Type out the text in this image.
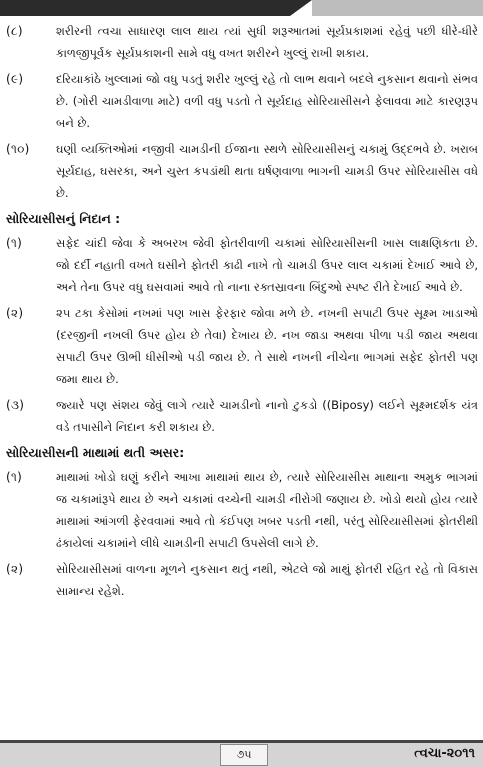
(૮)	શરીરની ત્વચા સાધારણ લાલ થાય ત્યાં સુધી શરૂઆતમાં સૂર્યપ્રકાશમાં રહેવું પછી ધીરે-ધીરે કાળજીપૂર્વક સૂર્યપ્રકાશની સામે વધુ વખત શરીરને ખુલ્લું રાખી શકાય.
(૯)	દરિયાકાંઠે ખુલ્લામાં જો વધુ પડતું શરીર ખુલ્લું રહે તો લાભ થવાને બદલે નુકસાન થવાનો સંભવ છે. (ગોરી ચામડીવાળા માટે) વળી વધુ પડતો તે સૂર્યદાહ સોરિયાસીસને ફેલાવવા માટે કારણરૂપ બને છે.
(૧૦)	ઘણી વ્યક્તિઓમાં નજીવી ચામડીની ઈજાના સ્થળે સોરિયાસીસનું ચકામું ઉદ્દભવે છે. ખરાબ સૂર્યદાહ, ઘસરકા, અને ચુસ્ત કપડાંથી થતા ઘર્ષણવાળા ભાગની ચામડી ઉપર સોરિયાસીસ વધે છે.
સોરિયાસીસનું નિદાન :
(૧)	સફેદ ચાંદી જેવા કે અબરખ જેવી ફોતરીવાળી ચકામાં સોરિયાસીસની ખાસ લાક્ષણિકતા છે. જો દર્દી નહાતી વખતે ઘસીને ફોતરી કાઢી નાખે તો ચામડી ઉપર લાલ ચકામાં દેખાઈ આવે છે, અને તેના ઉપર વધુ ઘસવામાં આવે તો નાના રક્તસ્રાવના બિંદુઓ સ્પષ્ટ રીતે દેખાઈ આવે છે.
(૨)	૨૫ ટકા કેસોમાં નખમાં પણ ખાસ ફેરફાર જોવા મળે છે. નખની સપાટી ઉપર સૂક્ષ્મ ખાડાઓ (દરજીની નખલી ઉપર હોય છે તેવા) દેખાય છે. નખ જાડા અથવા પીળા પડી જાય અથવા સપાટી ઉપર ઊભી ધીસીઓ પડી જાય છે. તે સાથે નખની નીચેના ભાગમાં સફેદ ફોતરી પણ જમા થાય છે.
(૩)	જ્યારે પણ સંશય જેવું લાગે ત્યારે ચામડીનો નાનો ટુકડો ((Biposy) લઈને સૂક્ષ્મદર્શક યંત્ર વડે તપાસીને નિદાન કરી શકાય છે.
સોરિયાસીસની માથામાં થતી અસર:
(૧)	માથામાં ખોડો ઘણું કરીને આખા માથામાં થાય છે, ત્યારે સોરિયાસીસ માથાના અમુક ભાગમાં જ ચકામાંરૂપે થાય છે અને ચકામાં વચ્ચેની ચામડી નીરોગી જણાય છે. ખોડો થયો હોય ત્યારે માથામાં આંગળી ફેરવવામાં આવે તો કંઈપણ ખબર પડતી નથી, પરંતુ સોરિયાસીસમાં ફોતરીથી ઢંકાયેલાં ચકામાંને લીધે ચામડીની સપાટી ઉપસેલી લાગે છે.
(૨)	સોરિયાસીસમાં વાળના મૂળને નુકસાન થતું નથી, એટલે જો માથું ફોતરી રહિત રહે તો વિકાસ સામાન્ય રહેશે.
૭૫	ત્વચા-૨૦૧૧
